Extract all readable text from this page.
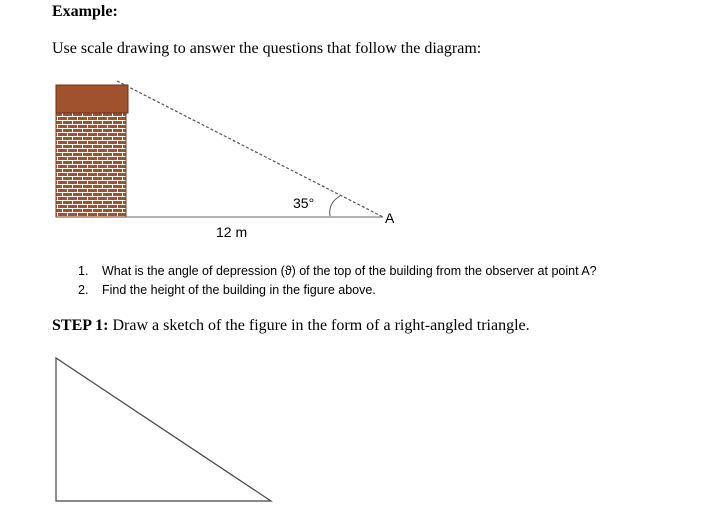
Example:
Use scale drawing to answer the questions that follow the diagram:
35°
A
12 m
1. What is the angle of depression (ϑ) of the top of the building from the observer at point A?
2. Find the height of the building in the figure above.
STEP 1: Draw a sketch of the figure in the form of a right-angled triangle.
